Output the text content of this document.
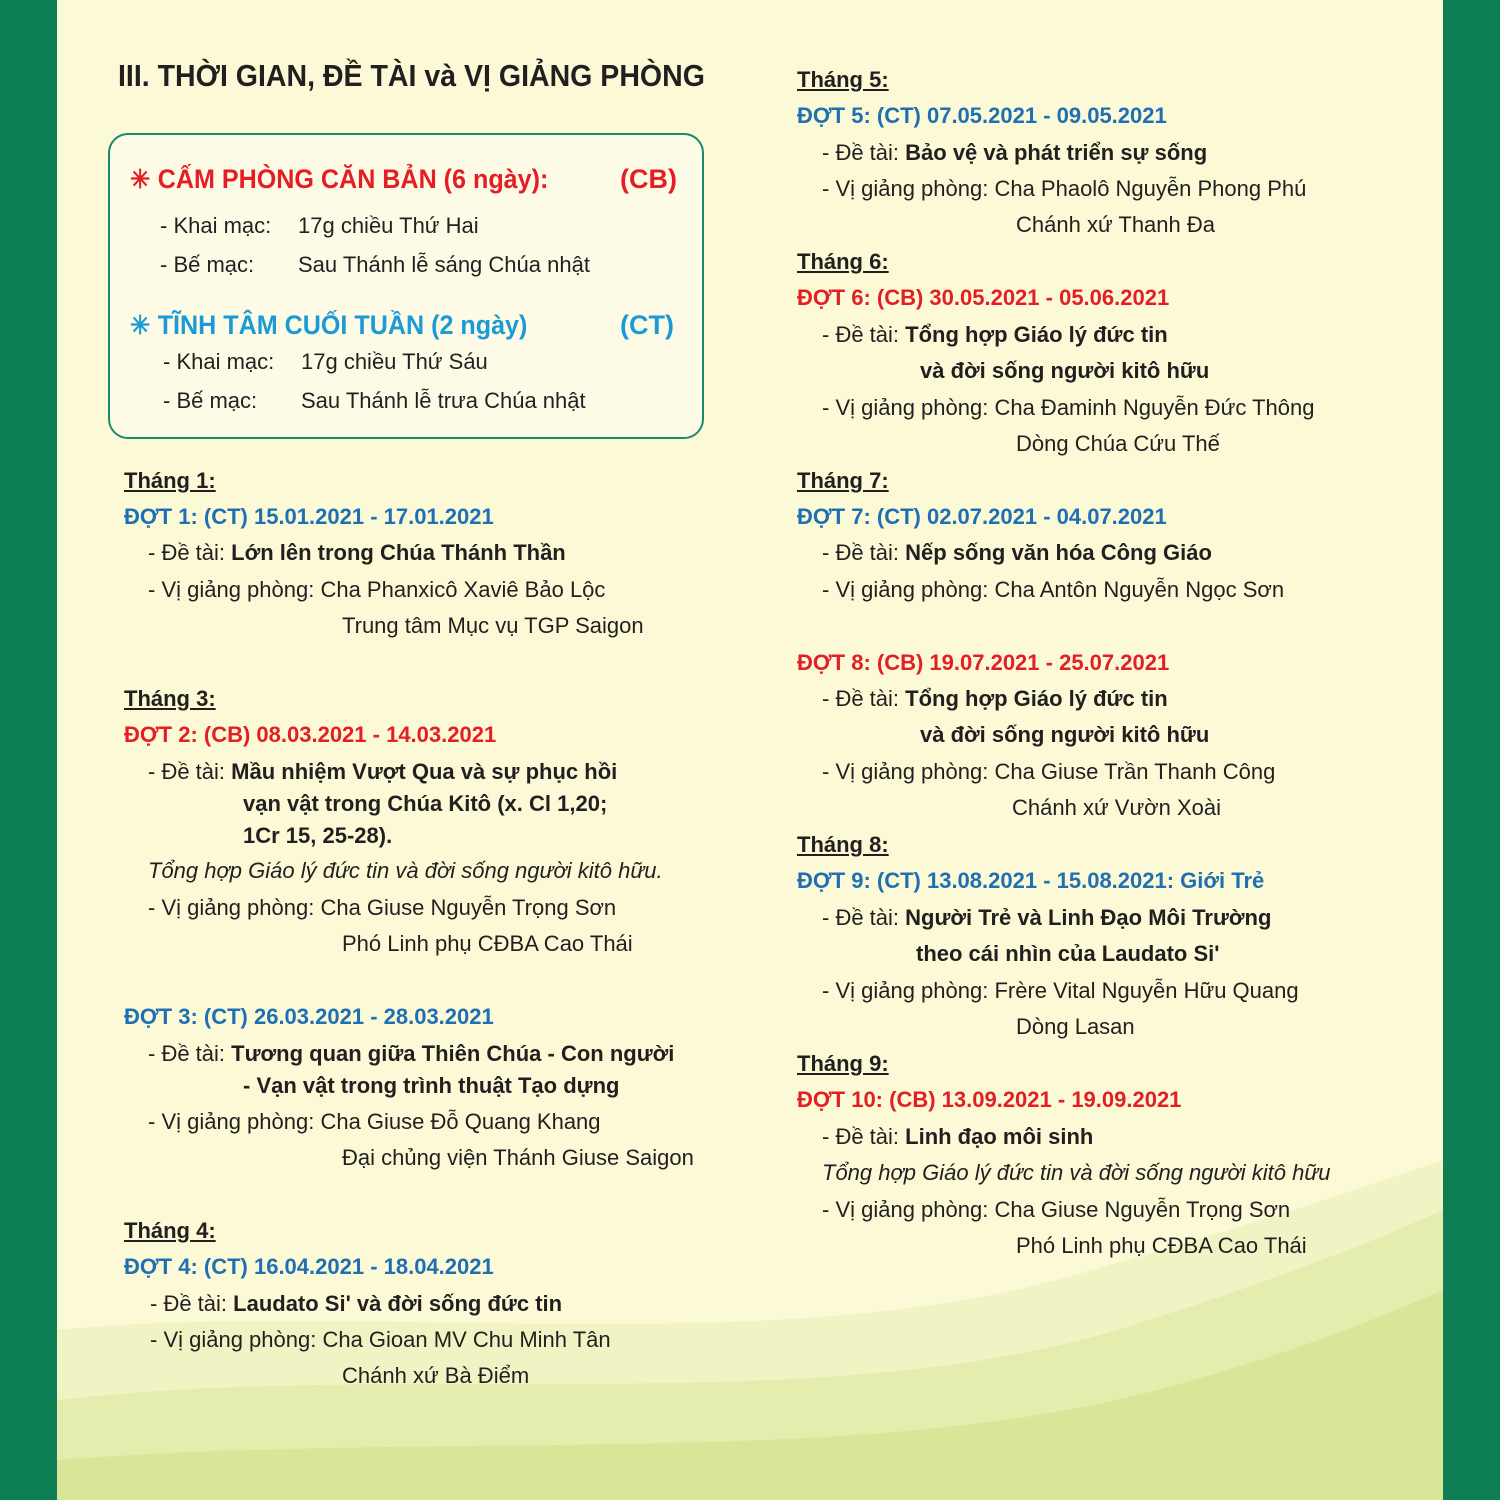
III. THỜI GIAN, ĐỀ TÀI và VỊ GIẢNG PHÒNG
✳ CẤM PHÒNG CĂN BẢN (6 ngày):	(CB)
- Khai mạc: 17g chiều Thứ Hai
- Bế mạc: Sau Thánh lễ sáng Chúa nhật
✳ TĨNH TÂM CUỐI TUẦN (2 ngày)	(CT)
- Khai mạc: 17g chiều Thứ Sáu
- Bế mạc: Sau Thánh lễ trưa Chúa nhật
Tháng 1:
ĐỢT 1: (CT) 15.01.2021 - 17.01.2021
- Đề tài: Lớn lên trong Chúa Thánh Thần
- Vị giảng phòng: Cha Phanxicô Xaviê Bảo Lộc
Trung tâm Mục vụ TGP Saigon
Tháng 3:
ĐỢT 2: (CB) 08.03.2021 - 14.03.2021
- Đề tài: Mầu nhiệm Vượt Qua và sự phục hồi
vạn vật trong Chúa Kitô (x. Cl 1,20;
1Cr 15, 25-28).
Tổng hợp Giáo lý đức tin và đời sống người kitô hữu.
- Vị giảng phòng: Cha Giuse Nguyễn Trọng Sơn
Phó Linh phụ CĐBA Cao Thái
ĐỢT 3: (CT) 26.03.2021 - 28.03.2021
- Đề tài: Tương quan giữa Thiên Chúa - Con người
- Vạn vật trong trình thuật Tạo dựng
- Vị giảng phòng: Cha Giuse Đỗ Quang Khang
Đại chủng viện Thánh Giuse Saigon
Tháng 4:
ĐỢT 4: (CT) 16.04.2021 - 18.04.2021
- Đề tài: Laudato Si' và đời sống đức tin
- Vị giảng phòng: Cha Gioan MV Chu Minh Tân
Chánh xứ Bà Điểm
Tháng 5:
ĐỢT 5: (CT) 07.05.2021 - 09.05.2021
- Đề tài: Bảo vệ và phát triển sự sống
- Vị giảng phòng: Cha Phaolô Nguyễn Phong Phú
Chánh xứ Thanh Đa
Tháng 6:
ĐỢT 6: (CB) 30.05.2021 - 05.06.2021
- Đề tài: Tổng hợp Giáo lý đức tin
và đời sống người kitô hữu
- Vị giảng phòng: Cha Đaminh Nguyễn Đức Thông
Dòng Chúa Cứu Thế
Tháng 7:
ĐỢT 7: (CT) 02.07.2021 - 04.07.2021
- Đề tài: Nếp sống văn hóa Công Giáo
- Vị giảng phòng: Cha Antôn Nguyễn Ngọc Sơn
ĐỢT 8: (CB) 19.07.2021 - 25.07.2021
- Đề tài: Tổng hợp Giáo lý đức tin
và đời sống người kitô hữu
- Vị giảng phòng: Cha Giuse Trần Thanh Công
Chánh xứ Vườn Xoài
Tháng 8:
ĐỢT 9: (CT) 13.08.2021 - 15.08.2021: Giới Trẻ
- Đề tài: Người Trẻ và Linh Đạo Môi Trường
theo cái nhìn của Laudato Si'
- Vị giảng phòng: Frère Vital Nguyễn Hữu Quang
Dòng Lasan
Tháng 9:
ĐỢT 10: (CB) 13.09.2021 - 19.09.2021
- Đề tài: Linh đạo môi sinh
Tổng hợp Giáo lý đức tin và đời sống người kitô hữu
- Vị giảng phòng: Cha Giuse Nguyễn Trọng Sơn
Phó Linh phụ CĐBA Cao Thái
